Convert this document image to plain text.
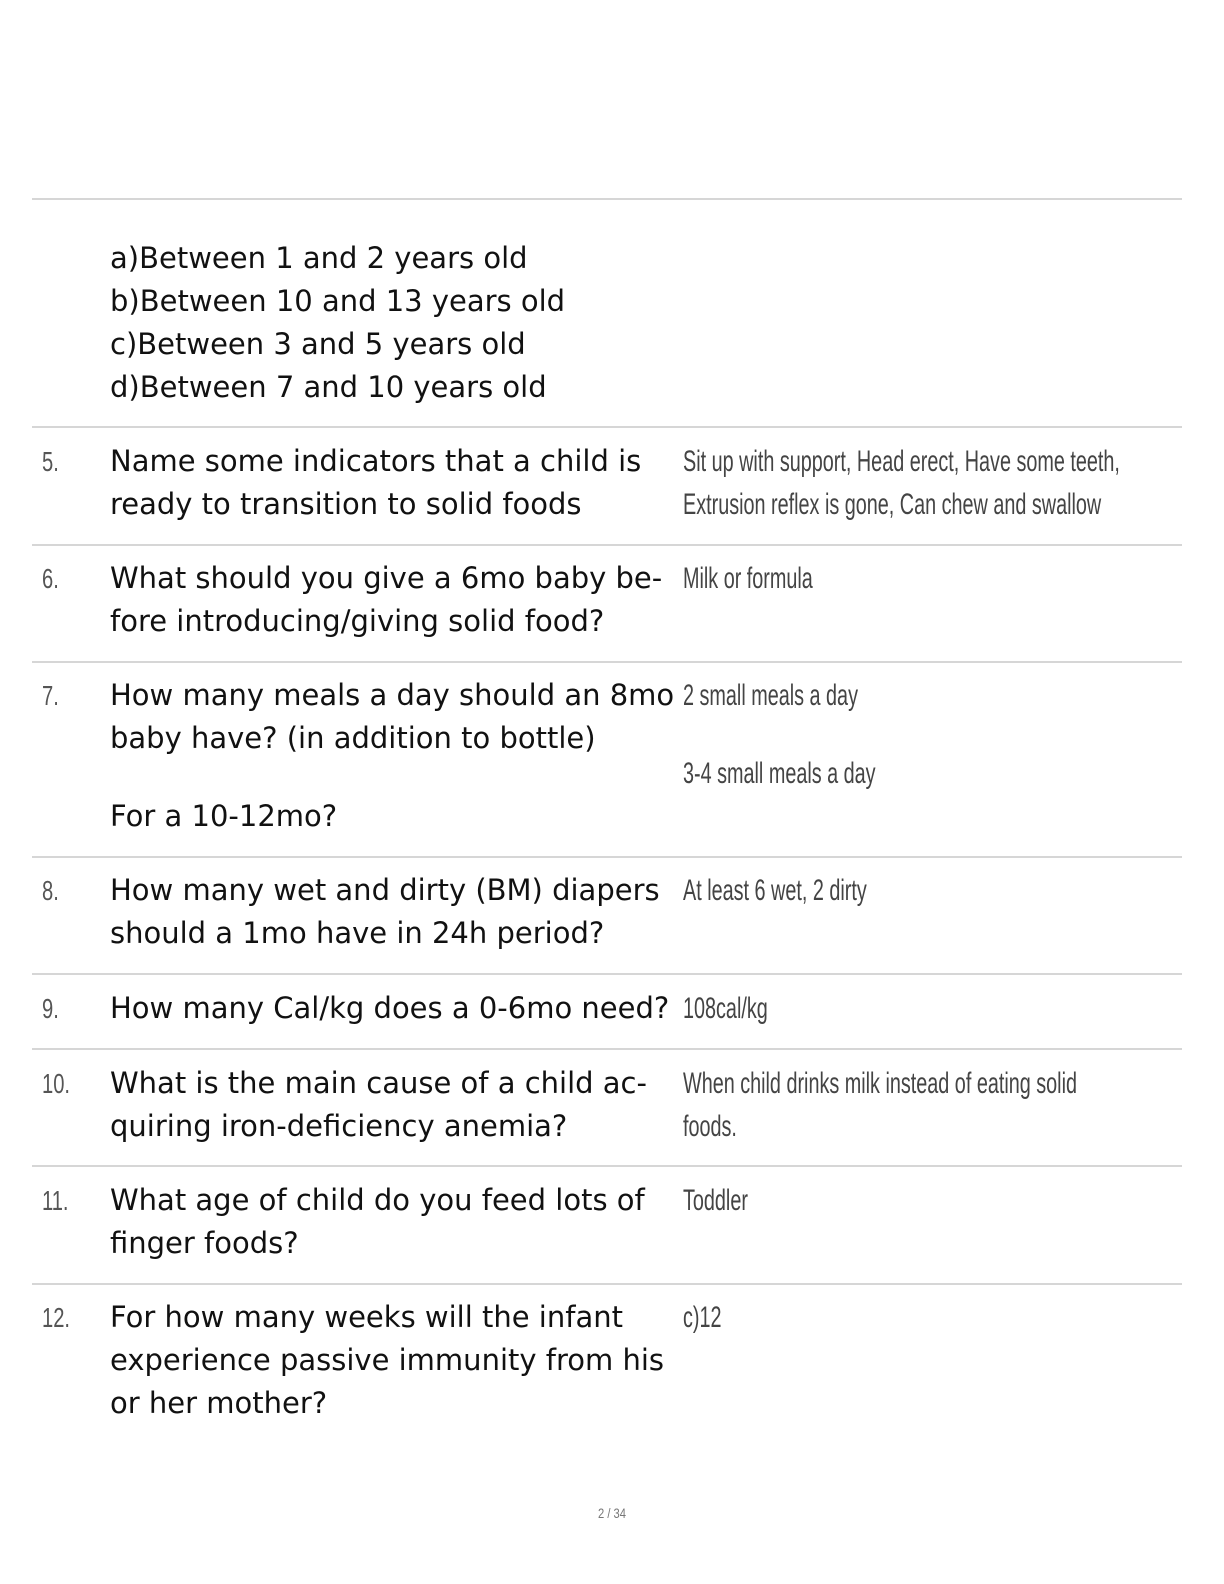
a)Between 1 and 2 years old
b)Between 10 and 13 years old
c)Between 3 and 5 years old
d)Between 7 and 10 years old
5. Name some indicators that a child is
ready to transition to solid foods
Sit up with support, Head erect, Have some teeth,
Extrusion reflex is gone, Can chew and swallow
6. What should you give a 6mo baby be-
fore introducing/giving solid food?
Milk or formula
7. How many meals a day should an 8mo
baby have? (in addition to bottle)
For a 10-12mo?
2 small meals a day
3-4 small meals a day
8. How many wet and dirty (BM) diapers
should a 1mo have in 24h period?
At least 6 wet, 2 dirty
9. How many Cal/kg does a 0-6mo need? 108cal/kg
10. What is the main cause of a child ac-
quiring iron-deficiency anemia?
When child drinks milk instead of eating solid
foods.
11. What age of child do you feed lots of
finger foods?
Toddler
12. For how many weeks will the infant
experience passive immunity from his
or her mother?
c)12
2 / 34
